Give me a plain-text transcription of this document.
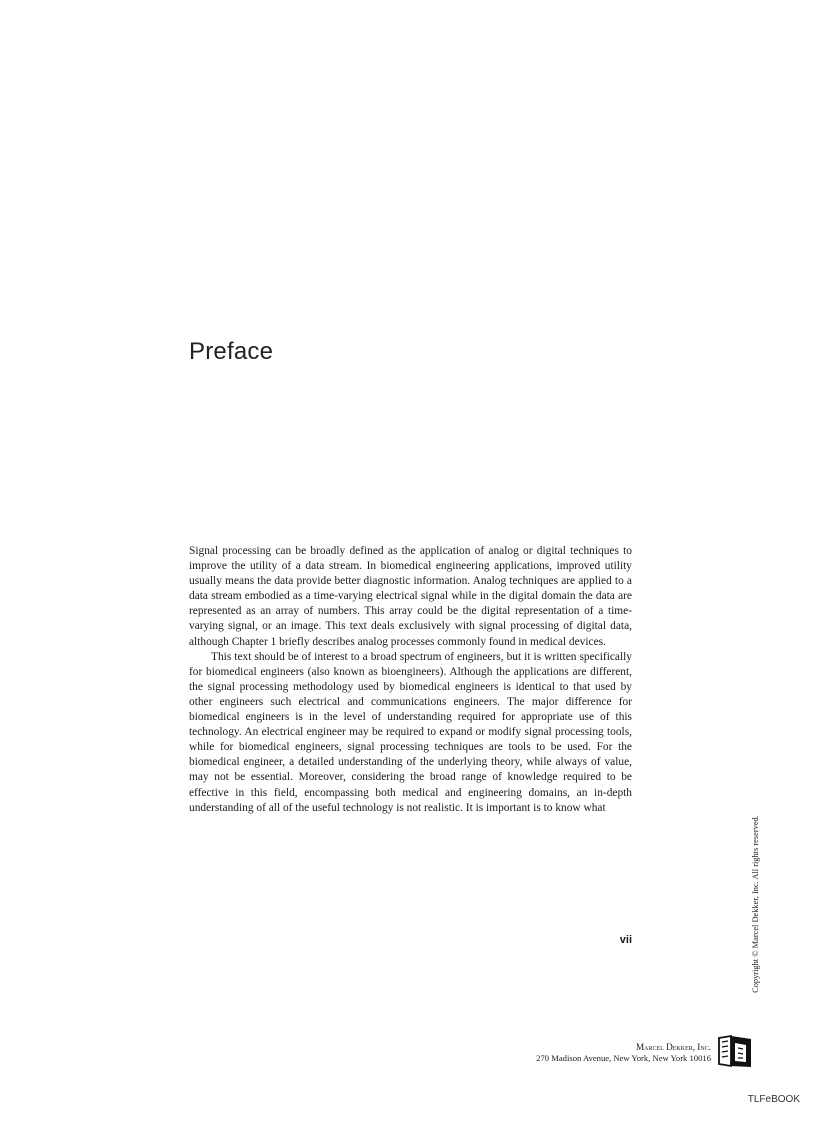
Preface

Signal processing can be broadly defined as the application of analog or digital techniques to improve the utility of a data stream. In biomedical engineering applications, improved utility usually means the data provide better diagnostic information. Analog techniques are applied to a data stream embodied as a time-varying electrical signal while in the digital domain the data are represented as an array of numbers. This array could be the digital representation of a time-varying signal, or an image. This text deals exclusively with signal processing of digital data, although Chapter 1 briefly describes analog processes commonly found in medical devices.

This text should be of interest to a broad spectrum of engineers, but it is written specifically for biomedical engineers (also known as bioengineers). Although the applications are different, the signal processing methodology used by biomedical engineers is identical to that used by other engineers such electrical and communications engineers. The major difference for biomedical engineers is in the level of understanding required for appropriate use of this technology. An electrical engineer may be required to expand or modify signal processing tools, while for biomedical engineers, signal processing techniques are tools to be used. For the biomedical engineer, a detailed understanding of the underlying theory, while always of value, may not be essential. Moreover, considering the broad range of knowledge required to be effective in this field, encompassing both medical and engineering domains, an in-depth understanding of all of the useful technology is not realistic. It is important is to know what

vii	Copyright © Marcel Dekker, Inc. All rights reserved.
Marcel Dekker, Inc.
270 Madison Avenue, New York, New York 10016
TLFeBOOK
